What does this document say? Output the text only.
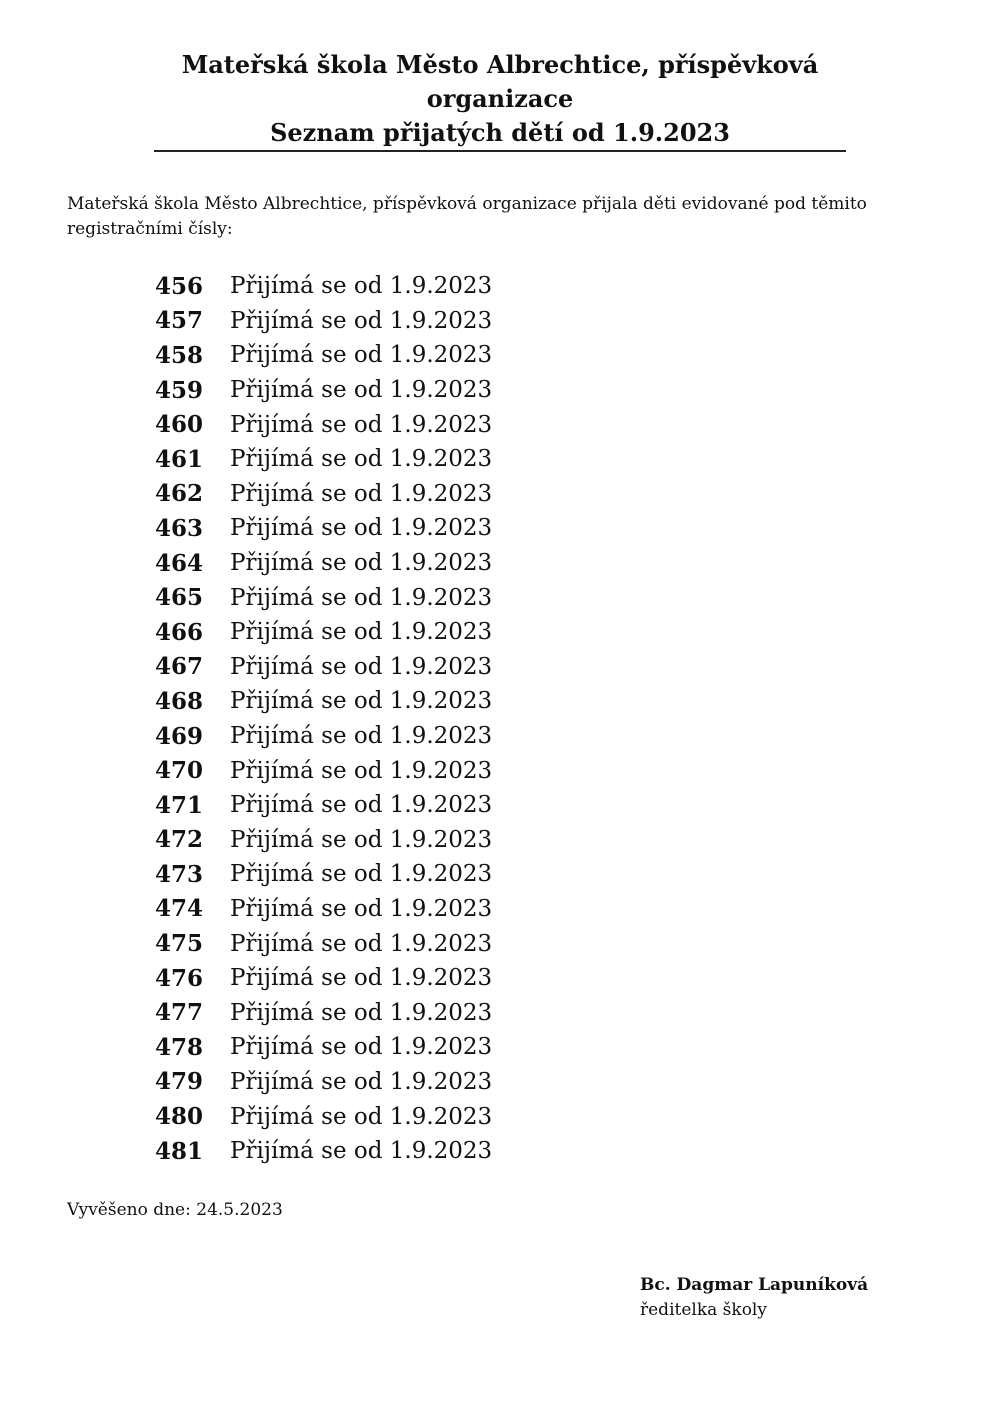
Mateřská škola Město Albrechtice, příspěvková
organizace
Seznam přijatých dětí od 1.9.2023
Mateřská škola Město Albrechtice, příspěvková organizace přijala děti evidované pod těmito registračními čísly:
456	Přijímá se od 1.9.2023
457	Přijímá se od 1.9.2023
458	Přijímá se od 1.9.2023
459	Přijímá se od 1.9.2023
460	Přijímá se od 1.9.2023
461	Přijímá se od 1.9.2023
462	Přijímá se od 1.9.2023
463	Přijímá se od 1.9.2023
464	Přijímá se od 1.9.2023
465	Přijímá se od 1.9.2023
466	Přijímá se od 1.9.2023
467	Přijímá se od 1.9.2023
468	Přijímá se od 1.9.2023
469	Přijímá se od 1.9.2023
470	Přijímá se od 1.9.2023
471	Přijímá se od 1.9.2023
472	Přijímá se od 1.9.2023
473	Přijímá se od 1.9.2023
474	Přijímá se od 1.9.2023
475	Přijímá se od 1.9.2023
476	Přijímá se od 1.9.2023
477	Přijímá se od 1.9.2023
478	Přijímá se od 1.9.2023
479	Přijímá se od 1.9.2023
480	Přijímá se od 1.9.2023
481	Přijímá se od 1.9.2023
Vyvěšeno dne: 24.5.2023
Bc. Dagmar Lapuníková
ředitelka školy
